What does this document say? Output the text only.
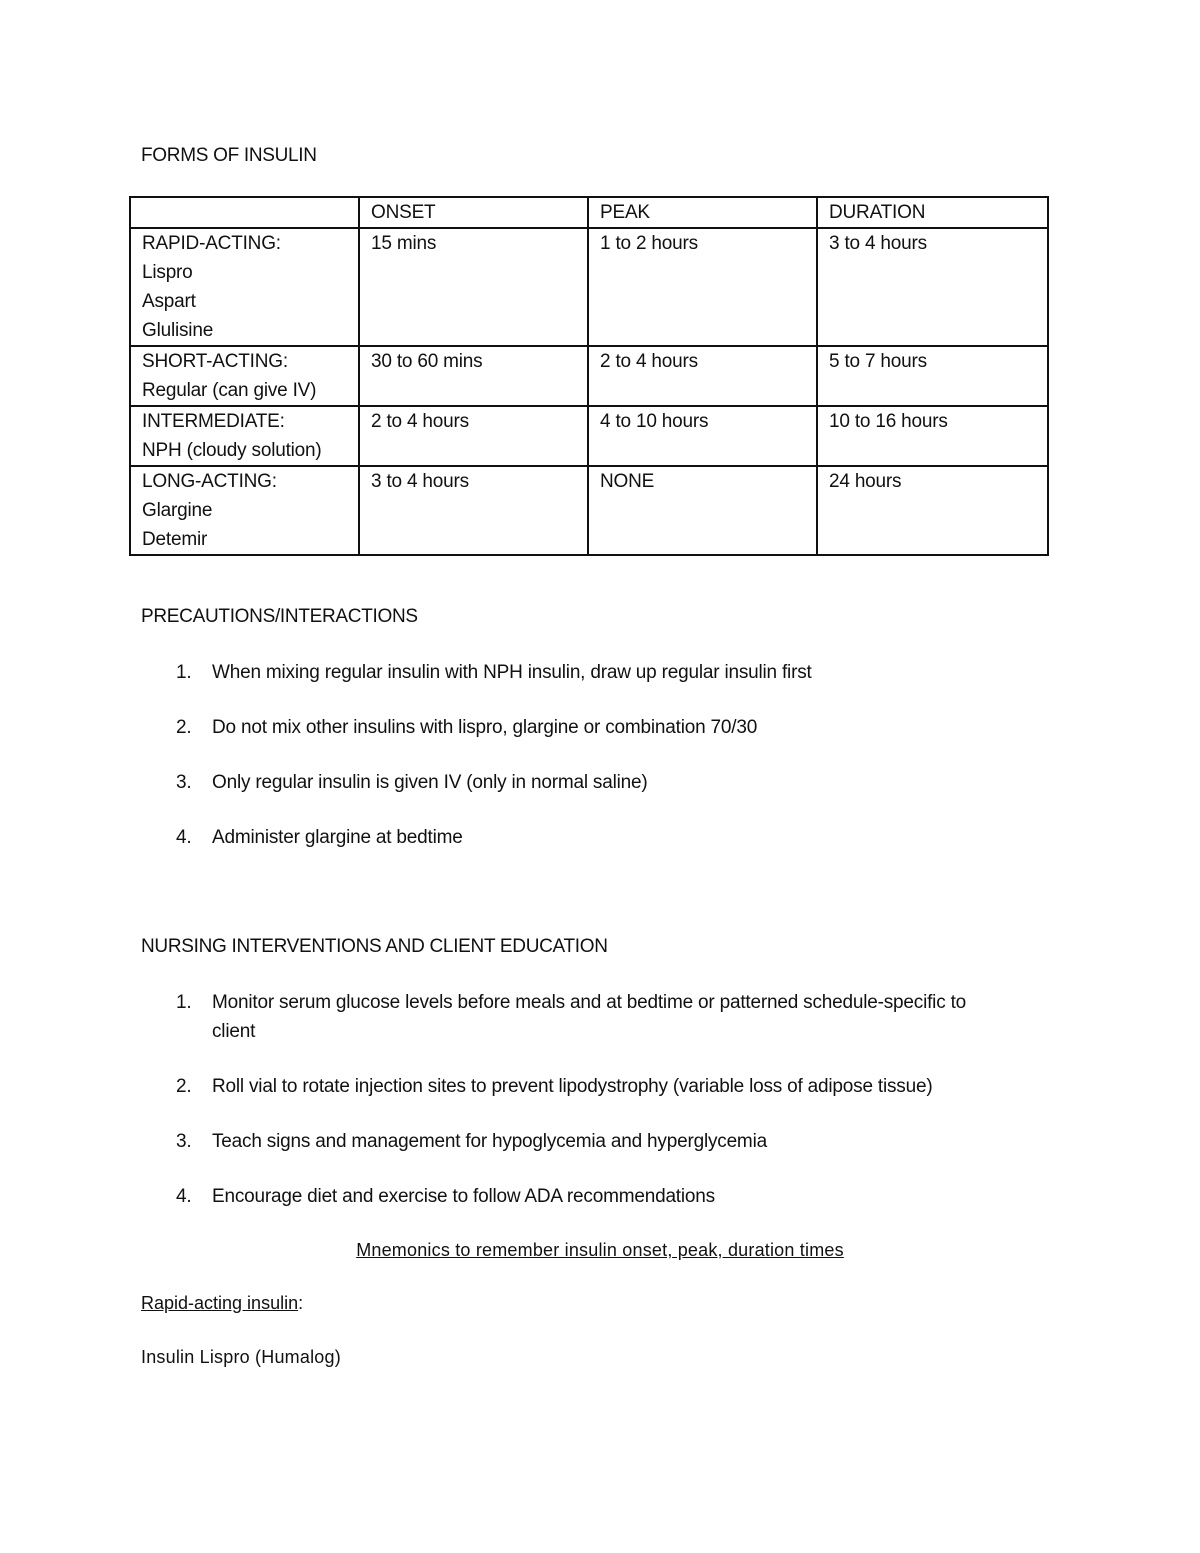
FORMS OF INSULIN
	ONSET	PEAK	DURATION

RAPID-ACTING:
Lispro
Aspart
Glulisine	15 mins	1 to 2 hours	3 to 4 hours

SHORT-ACTING:
Regular (can give IV)	30 to 60 mins	2 to 4 hours	5 to 7 hours

INTERMEDIATE:
NPH (cloudy solution)	2 to 4 hours	4 to 10 hours	10 to 16 hours

LONG-ACTING:
Glargine
Detemir	3 to 4 hours	NONE	24 hours
PRECAUTIONS/INTERACTIONS
1. When mixing regular insulin with NPH insulin, draw up regular insulin first
2. Do not mix other insulins with lispro, glargine or combination 70/30
3. Only regular insulin is given IV (only in normal saline)
4. Administer glargine at bedtime
NURSING INTERVENTIONS AND CLIENT EDUCATION
1. Monitor serum glucose levels before meals and at bedtime or patterned schedule-specific to client
2. Roll vial to rotate injection sites to prevent lipodystrophy (variable loss of adipose tissue)
3. Teach signs and management for hypoglycemia and hyperglycemia
4. Encourage diet and exercise to follow ADA recommendations
Mnemonics to remember insulin onset, peak, duration times
Rapid-acting insulin:
Insulin Lispro (Humalog)
